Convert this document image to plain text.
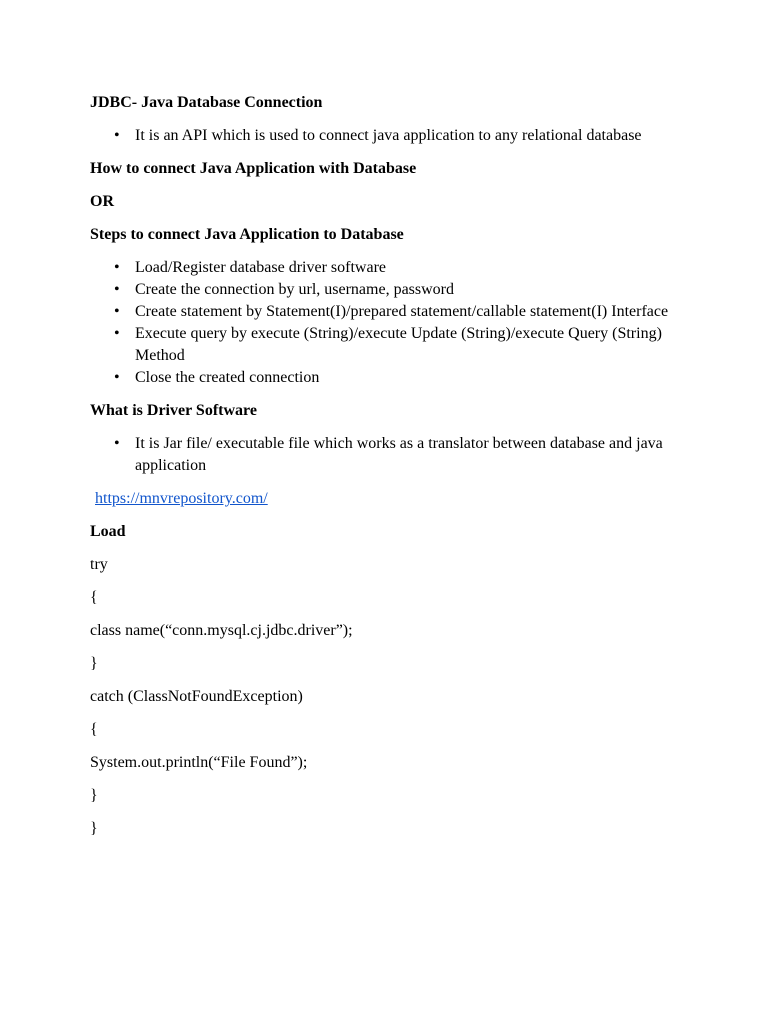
JDBC- Java Database Connection

• It is an API which is used to connect java application to any relational database

How to connect Java Application with Database

OR

Steps to connect Java Application to Database

• Load/Register database driver software
• Create the connection by url, username, password
• Create statement by Statement(I)/prepared statement/callable statement(I) Interface
• Execute query by execute (String)/execute Update (String)/execute Query (String) Method
• Close the created connection

What is Driver Software

• It is Jar file/ executable file which works as a translator between database and java application
https://mnvrepository.com/

Load

try

{

class name(“conn.mysql.cj.jdbc.driver”);

}

catch (ClassNotFoundException)

{

System.out.println(“File Found”);

}

}
